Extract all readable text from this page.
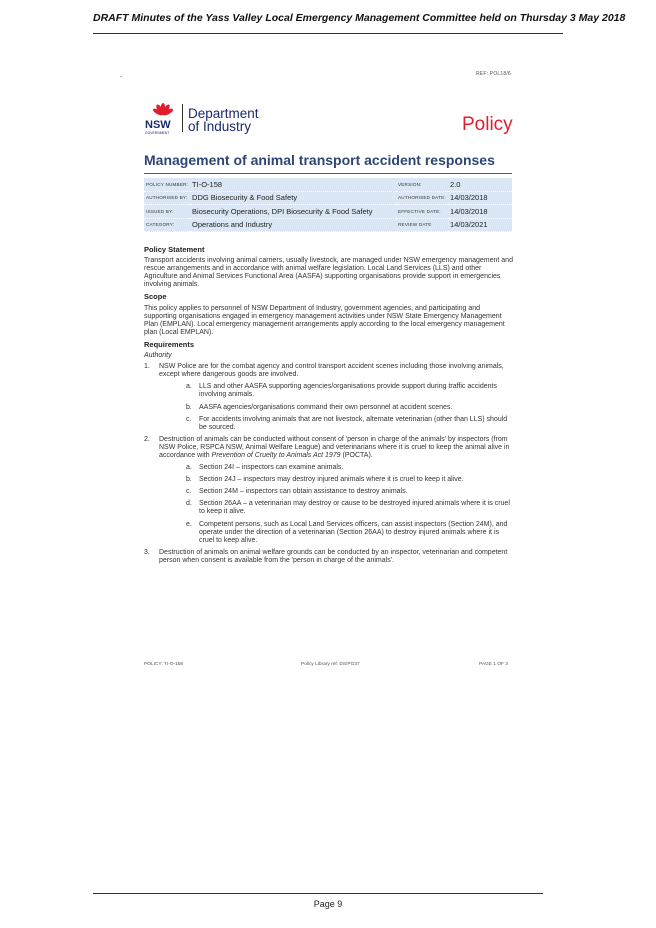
DRAFT Minutes of the Yass Valley Local Emergency Management Committee held on Thursday 3 May 2018
-	REF: POL18/6
NSW
GOVERNMENT
Department
of Industry	Policy
Management of animal transport accident responses
POLICY NUMBER:	TI-O-158	VERSION:	2.0
AUTHORISED BY:	DDG Biosecurity & Food Safety	AUTHORISED DATE:	14/03/2018
ISSUED BY:	Biosecurity Operations, DPI Biosecurity & Food Safety	EFFECTIVE DATE:	14/03/2018
CATEGORY:	Operations and Industry	REVIEW DATE	14/03/2021
Policy Statement

Transport accidents involving animal carriers, usually livestock, are managed under NSW emergency management and rescue arrangements and in accordance with animal welfare legislation. Local Land Services (LLS) and other Agriculture and Animal Services Functional Area (AASFA) supporting organisations provide support in emergencies involving animals.

Scope

This policy applies to personnel of NSW Department of Industry, government agencies, and participating and supporting organisations engaged in emergency management activities under NSW State Emergency Management Plan (EMPLAN). Local emergency management arrangements apply according to the local emergency management plan (Local EMPLAN).

Requirements
Authority
1. NSW Police are for the combat agency and control transport accident scenes including those involving animals, except where dangerous goods are involved.
a. LLS and other AASFA supporting agencies/organisations provide support during traffic accidents involving animals.
b. AASFA agencies/organisations command their own personnel at accident scenes.
c. For accidents involving animals that are not livestock, alternate veterinarian (other than LLS) should be sourced.
2. Destruction of animals can be conducted without consent of 'person in charge of the animals' by inspectors (from NSW Police, RSPCA NSW, Animal Welfare League) and veterinarians where it is cruel to keep the animal alive in accordance with Prevention of Cruelty to Animals Act 1979 (POCTA).
a. Section 24I – inspectors can examine animals.
b. Section 24J – inspectors may destroy injured animals where it is cruel to keep it alive.
c. Section 24M – inspectors can obtain assistance to destroy animals.
d. Section 26AA – a veterinarian may destroy or cause to be destroyed injured animals where it is cruel to keep it alive.
e. Competent persons, such as Local Land Services officers, can assist inspectors (Section 24M), and operate under the direction of a veterinarian (Section 26AA) to destroy injured animals where it is cruel to keep alive.
3. Destruction of animals on animal welfare grounds can be conducted by an inspector, veterinarian and competent person when consent is available from the 'person in charge of the animals'.
POLICY: TI-O-158	Policy Library ref: DS/PO37	PAGE 1 OF 3
Page 9
